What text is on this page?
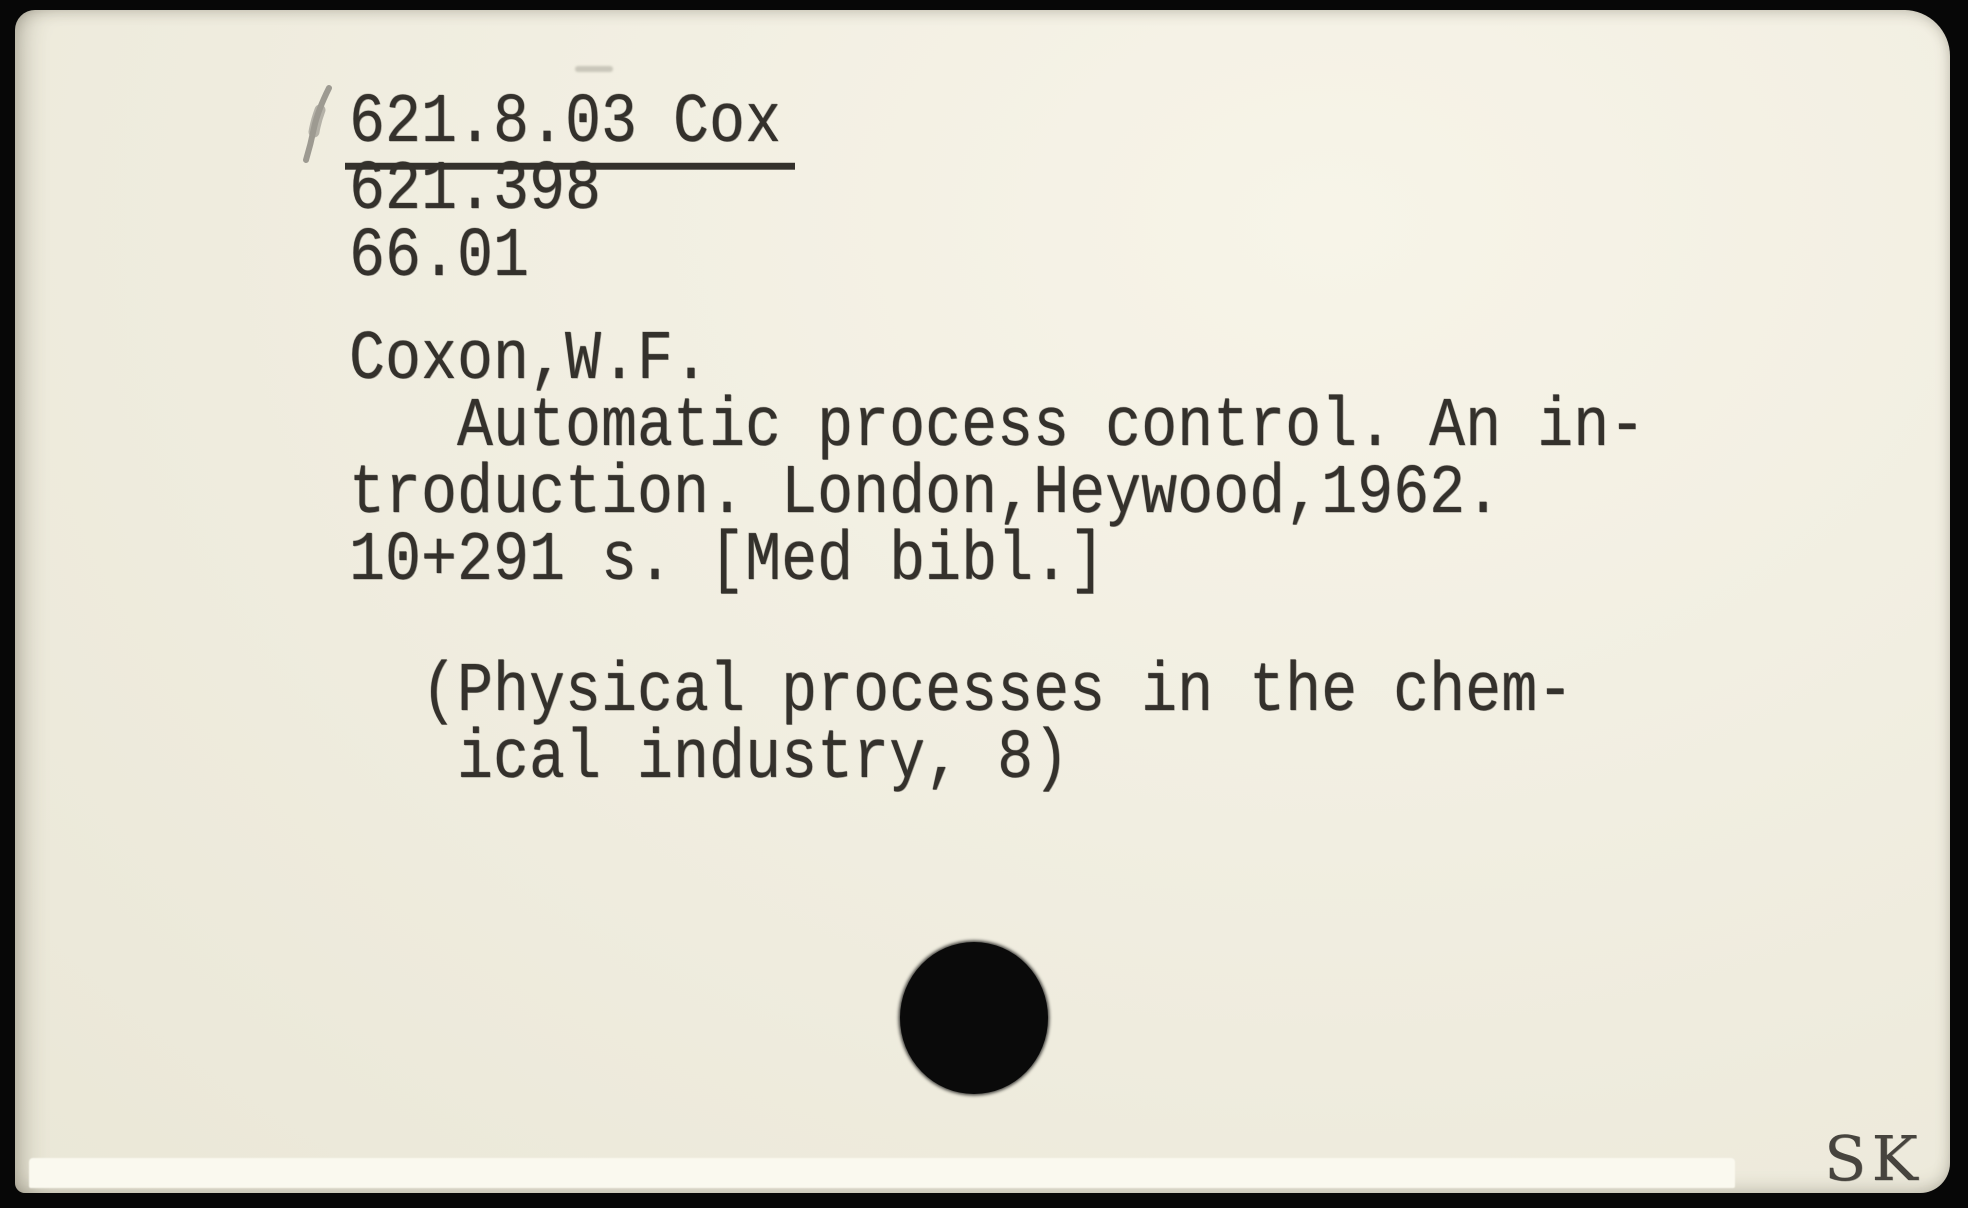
621.8.03 Cox
621.398
66.01
Coxon,W.F.
Automatic process control. An in-
troduction. London,Heywood,1962.
10+291 s. [Med bibl.]
(Physical processes in the chem-
ical industry, 8)
SK
